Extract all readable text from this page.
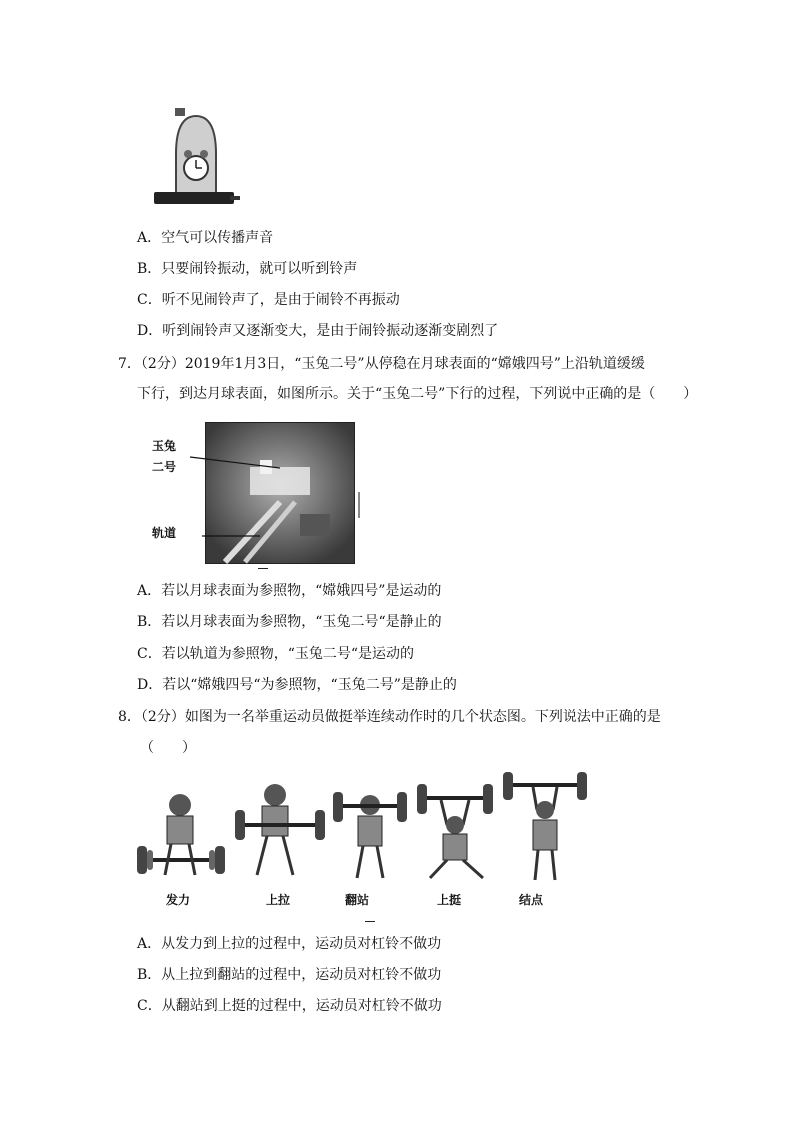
A．空气可以传播声音
B．只要闹铃振动，就可以听到铃声
C．听不见闹铃声了，是由于闹铃不再振动
D．听到闹铃声又逐渐变大，是由于闹铃振动逐渐变剧烈了
7．（2分）2019年1月3日，“玉兔二号”从停稳在月球表面的“嫦娥四号”上沿轨道缓缓
下行，到达月球表面，如图所示。关于“玉兔二号”下行的过程，下列说中正确的是（　　）
玉兔
二号
轨道
A．若以月球表面为参照物，“嫦娥四号”是运动的
B．若以月球表面为参照物，“玉兔二号“是静止的
C．若以轨道为参照物，“玉兔二号“是运动的
D．若以“嫦娥四号“为参照物，“玉兔二号”是静止的
8．（2分）如图为一名举重运动员做挺举连续动作时的几个状态图。下列说法中正确的是
（　　）
发力	上拉	翻站	上挺	结点
A．从发力到上拉的过程中，运动员对杠铃不做功
B．从上拉到翻站的过程中，运动员对杠铃不做功
C．从翻站到上挺的过程中，运动员对杠铃不做功
